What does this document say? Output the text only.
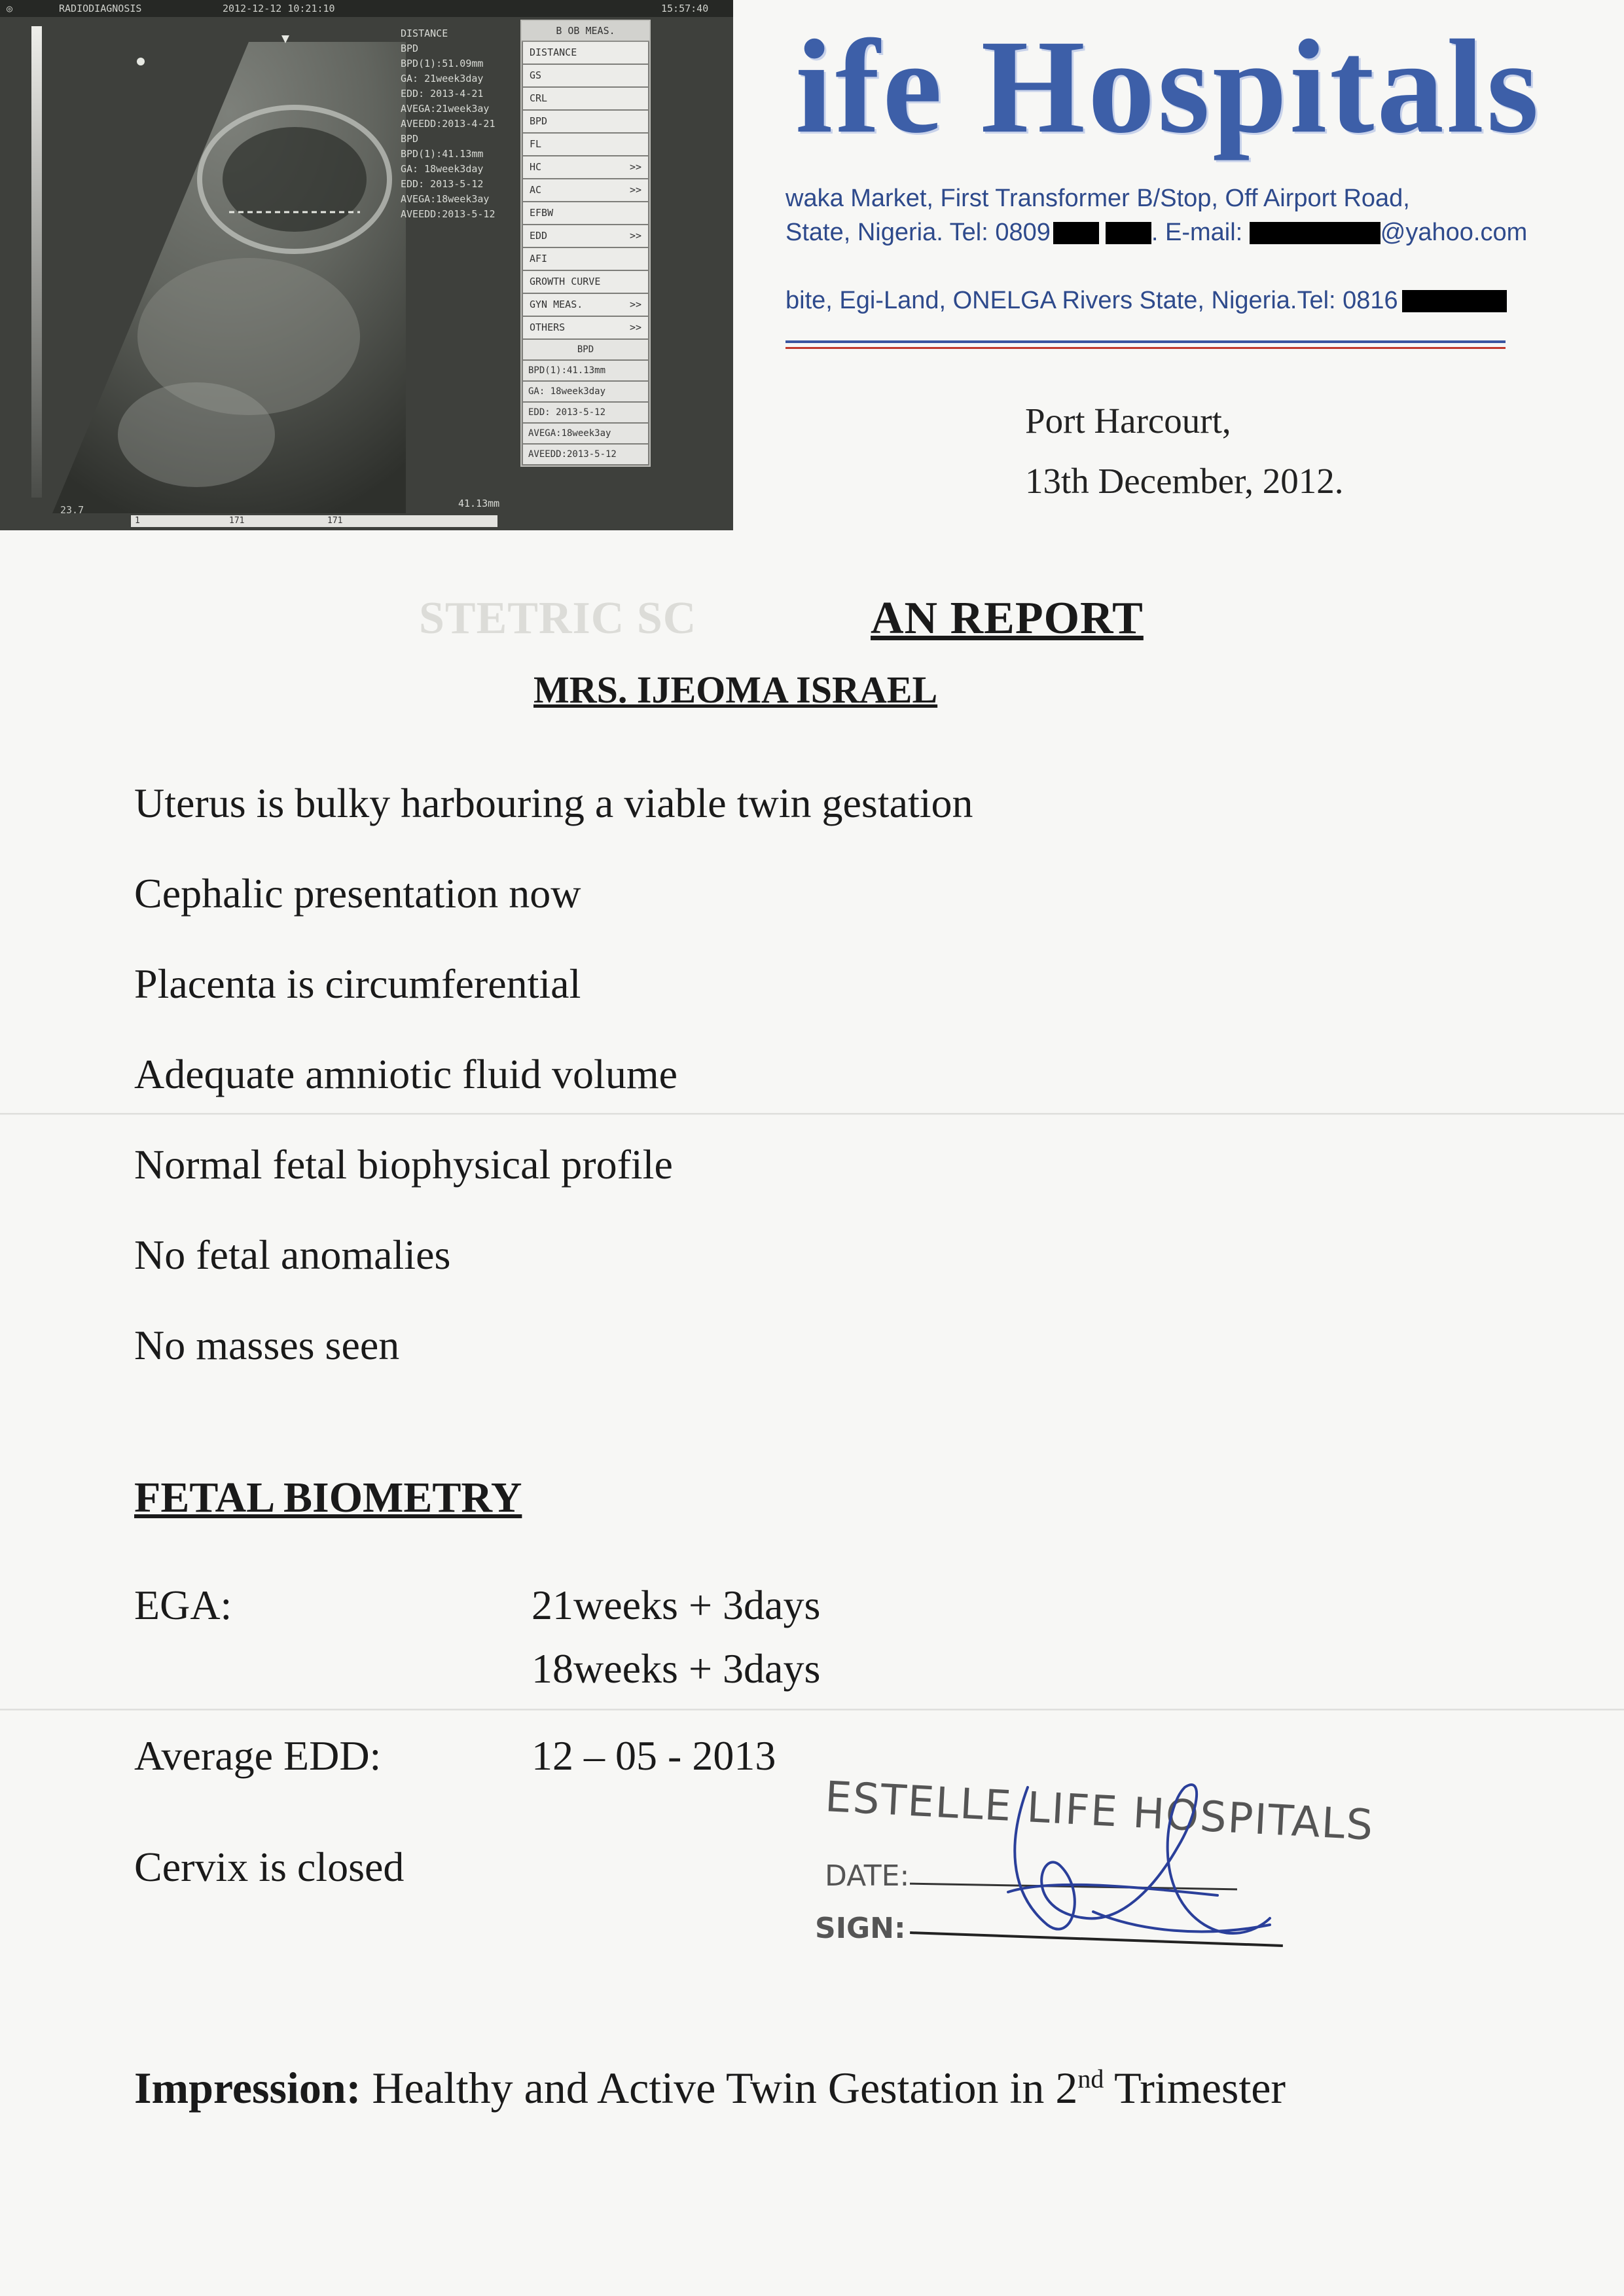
◎	RADIODIAGNOSIS	2012-12-12 10:21:10	15:57:40
DISTANCE
BPD
BPD(1):51.09mm
GA: 21week3day
EDD: 2013-4-21
AVEGA:21week3ay
AVEEDD:2013-4-21
BPD
BPD(1):41.13mm
GA: 18week3day
EDD: 2013-5-12
AVEGA:18week3ay
AVEEDD:2013-5-12
B OB MEAS.
DISTANCE
GS
CRL
BPD
FL
HC	>>
AC	>>
EFBW
EDD	>>
AFI
GROWTH CURVE
GYN MEAS.	>>
OTHERS	>>
BPD
BPD(1):41.13mm
GA: 18week3day
EDD: 2013-5-12
AVEGA:18week3ay
AVEEDD:2013-5-12
23.7
41.13mm
1	171	171
ife Hospitals
waka Market, First Transformer B/Stop, Off Airport Road,
State, Nigeria. Tel: 0809	. E-mail:	@yahoo.com
bite, Egi-Land, ONELGA Rivers State, Nigeria.Tel: 0816
Port Harcourt,
13th December, 2012.
STETRIC SC	AN REPORT
MRS. IJEOMA ISRAEL
Uterus is bulky harbouring a viable twin gestation
Cephalic presentation now
Placenta is circumferential
Adequate amniotic fluid volume
Normal fetal biophysical profile
No fetal anomalies
No masses seen
FETAL BIOMETRY
EGA:	21weeks + 3days
18weeks + 3days
Average EDD:	12 – 05 - 2013
Cervix is closed
ESTELLE LIFE HOSPITALS
DATE:
SIGN:
Impression: Healthy and Active Twin Gestation in 2nd Trimester
